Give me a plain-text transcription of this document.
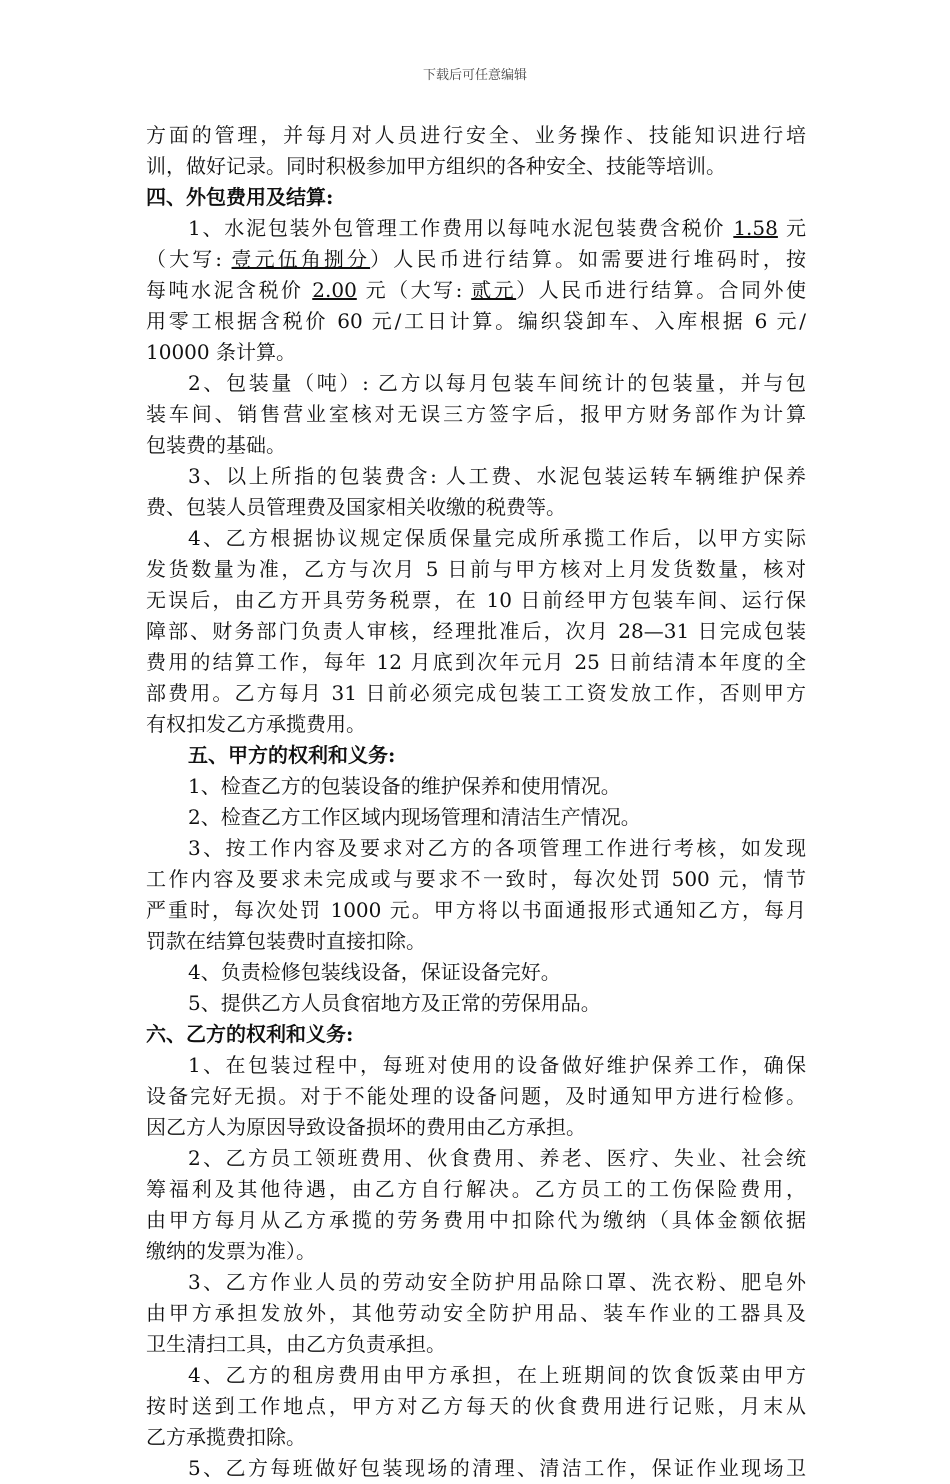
下载后可任意编辑
方面的管理，并每月对人员进行安全、业务操作、技能知识进行培
训，做好记录。同时积极参加甲方组织的各种安全、技能等培训。
四、外包费用及结算:
1、水泥包装外包管理工作费用以每吨水泥包装费含税价 1.58 元
（大写: 壹元伍角捌分）人民币进行结算。如需要进行堆码时，按
每吨水泥含税价 2.00 元（大写: 贰元）人民币进行结算。合同外使
用零工根据含税价 60 元/工日计算。编织袋卸车、入库根据 6 元/
10000 条计算。
2、包装量（吨）: 乙方以每月包装车间统计的包装量，并与包
装车间、销售营业室核对无误三方签字后，报甲方财务部作为计算
包装费的基础。
3、以上所指的包装费含: 人工费、水泥包装运转车辆维护保养
费、包装人员管理费及国家相关收缴的税费等。
4、乙方根据协议规定保质保量完成所承揽工作后，以甲方实际
发货数量为准，乙方与次月 5 日前与甲方核对上月发货数量，核对
无误后，由乙方开具劳务税票，在 10 日前经甲方包装车间、运行保
障部、财务部门负责人审核，经理批准后，次月 28—31 日完成包装
费用的结算工作，每年 12 月底到次年元月 25 日前结清本年度的全
部费用。乙方每月 31 日前必须完成包装工工资发放工作，否则甲方
有权扣发乙方承揽费用。
五、甲方的权利和义务:
1、检查乙方的包装设备的维护保养和使用情况。
2、检查乙方工作区域内现场管理和清洁生产情况。
3、按工作内容及要求对乙方的各项管理工作进行考核，如发现
工作内容及要求未完成或与要求不一致时，每次处罚 500 元，情节
严重时，每次处罚 1000 元。甲方将以书面通报形式通知乙方，每月
罚款在结算包装费时直接扣除。
4、负责检修包装线设备，保证设备完好。
5、提供乙方人员食宿地方及正常的劳保用品。
六、乙方的权利和义务:
1、在包装过程中，每班对使用的设备做好维护保养工作，确保
设备完好无损。对于不能处理的设备问题，及时通知甲方进行检修。
因乙方人为原因导致设备损坏的费用由乙方承担。
2、乙方员工领班费用、伙食费用、养老、医疗、失业、社会统
筹福利及其他待遇，由乙方自行解决。乙方员工的工伤保险费用，
由甲方每月从乙方承揽的劳务费用中扣除代为缴纳（具体金额依据
缴纳的发票为准）。
3、乙方作业人员的劳动安全防护用品除口罩、洗衣粉、肥皂外
由甲方承担发放外，其他劳动安全防护用品、装车作业的工器具及
卫生清扫工具，由乙方负责承担。
4、乙方的租房费用由甲方承担，在上班期间的饮食饭菜由甲方
按时送到工作地点，甲方对乙方每天的伙食费用进行记账，月末从
乙方承揽费扣除。
5、乙方每班做好包装现场的清理、清洁工作，保证作业现场卫
